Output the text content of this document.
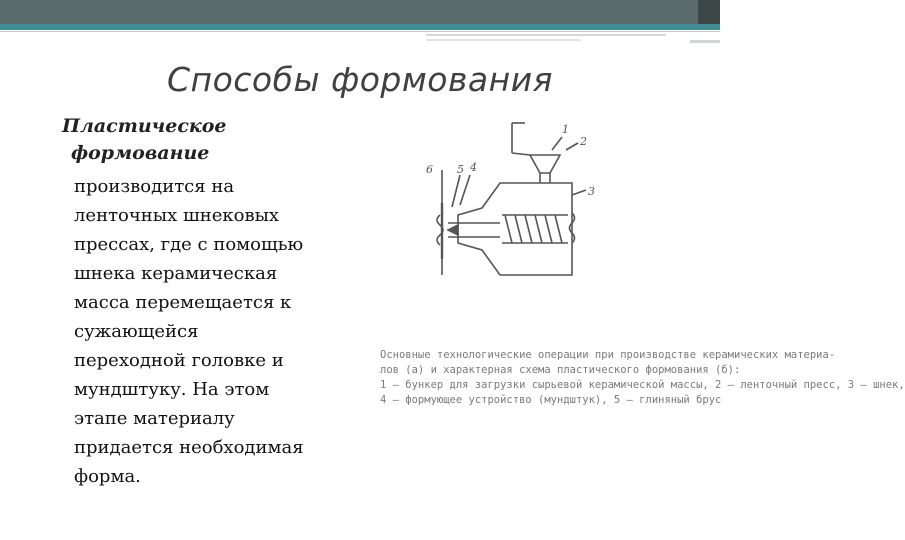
Способы формования
Пластическое
формование
производится на
ленточных шнековых
прессах, где с помощью
шнека керамическая
масса перемещается к
сужающейся
переходной головке и
мундштуку. На этом
этапе материалу
придается необходимая
форма.
1
2
3
4
5
6
Основные технологические операции при производстве керамических материа-
лов (а) и характерная схема пластического формования (б):
1 – бункер для загрузки сырьевой керамической массы, 2 – ленточный пресс, 3 – шнек,
4 – формующее устройство (мундштук), 5 – глиняный брус
